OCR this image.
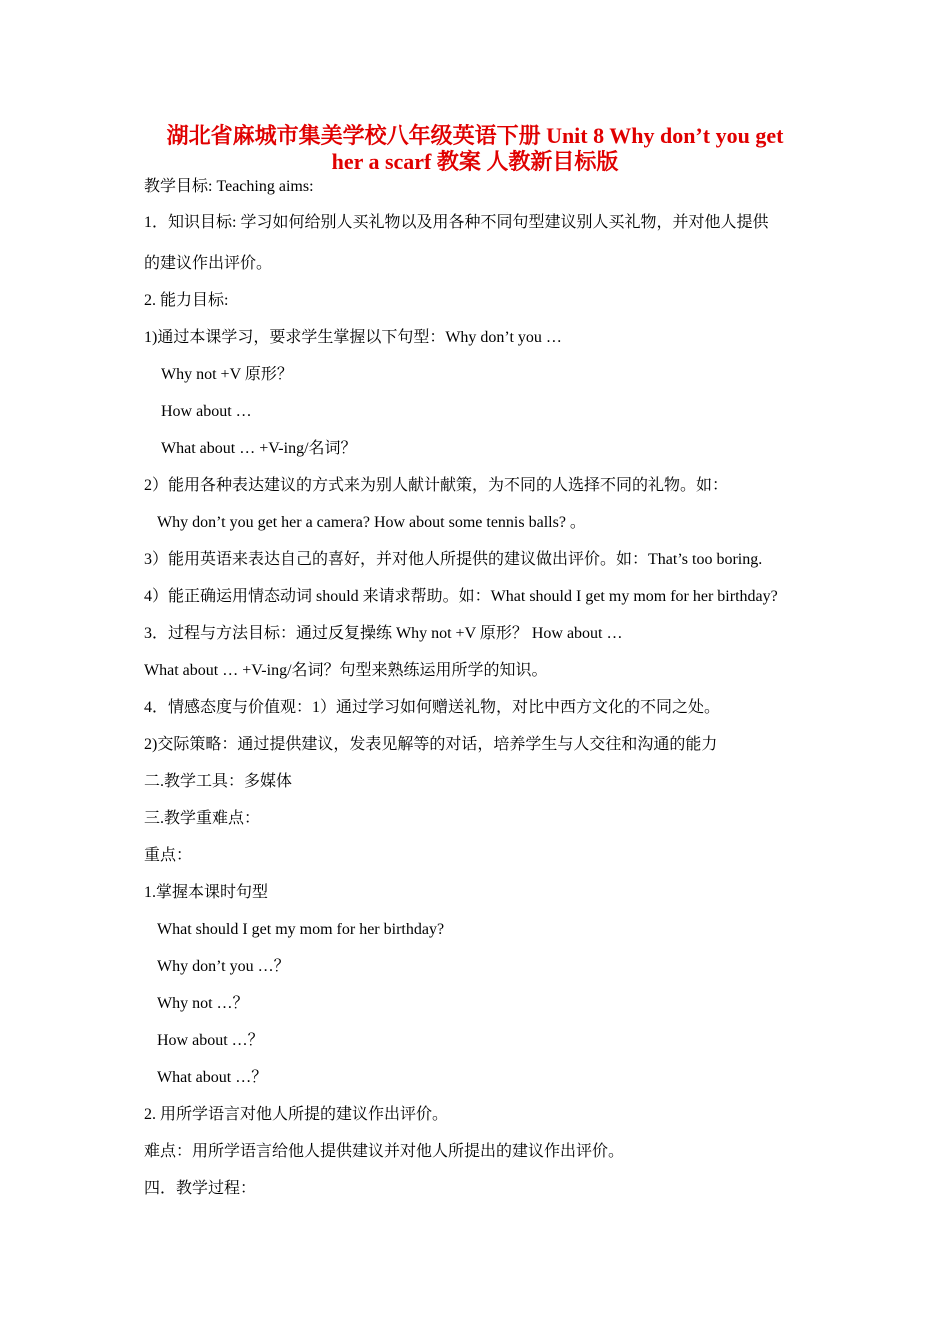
湖北省麻城市集美学校八年级英语下册 Unit 8 Why don’t you get
her a scarf 教案 人教新目标版
教学目标: Teaching aims:
1．知识目标: 学习如何给别人买礼物以及用各种不同句型建议别人买礼物，并对他人提供
的建议作出评价。
2. 能力目标:
1)通过本课学习，要求学生掌握以下句型：Why don’t you …
Why not +V 原形？
How about …
What about … +V-ing/名词？
2）能用各种表达建议的方式来为别人献计献策，为不同的人选择不同的礼物。如：
Why don’t you get her a camera? How about some tennis balls? 。
3）能用英语来表达自己的喜好，并对他人所提供的建议做出评价。如：That’s too boring.
4）能正确运用情态动词 should 来请求帮助。如：What should I get my mom for her birthday?
3．过程与方法目标：通过反复操练 Why not +V 原形？ How about …
What about … +V-ing/名词？句型来熟练运用所学的知识。
4．情感态度与价值观：1）通过学习如何赠送礼物，对比中西方文化的不同之处。
2)交际策略：通过提供建议，发表见解等的对话，培养学生与人交往和沟通的能力
二.教学工具：多媒体
三.教学重难点：
重点：
1.掌握本课时句型
What should I get my mom for her birthday?
Why don’t you …？
Why not …？
How about …？
What about …？
2. 用所学语言对他人所提的建议作出评价。
难点：用所学语言给他人提供建议并对他人所提出的建议作出评价。
四．教学过程：
